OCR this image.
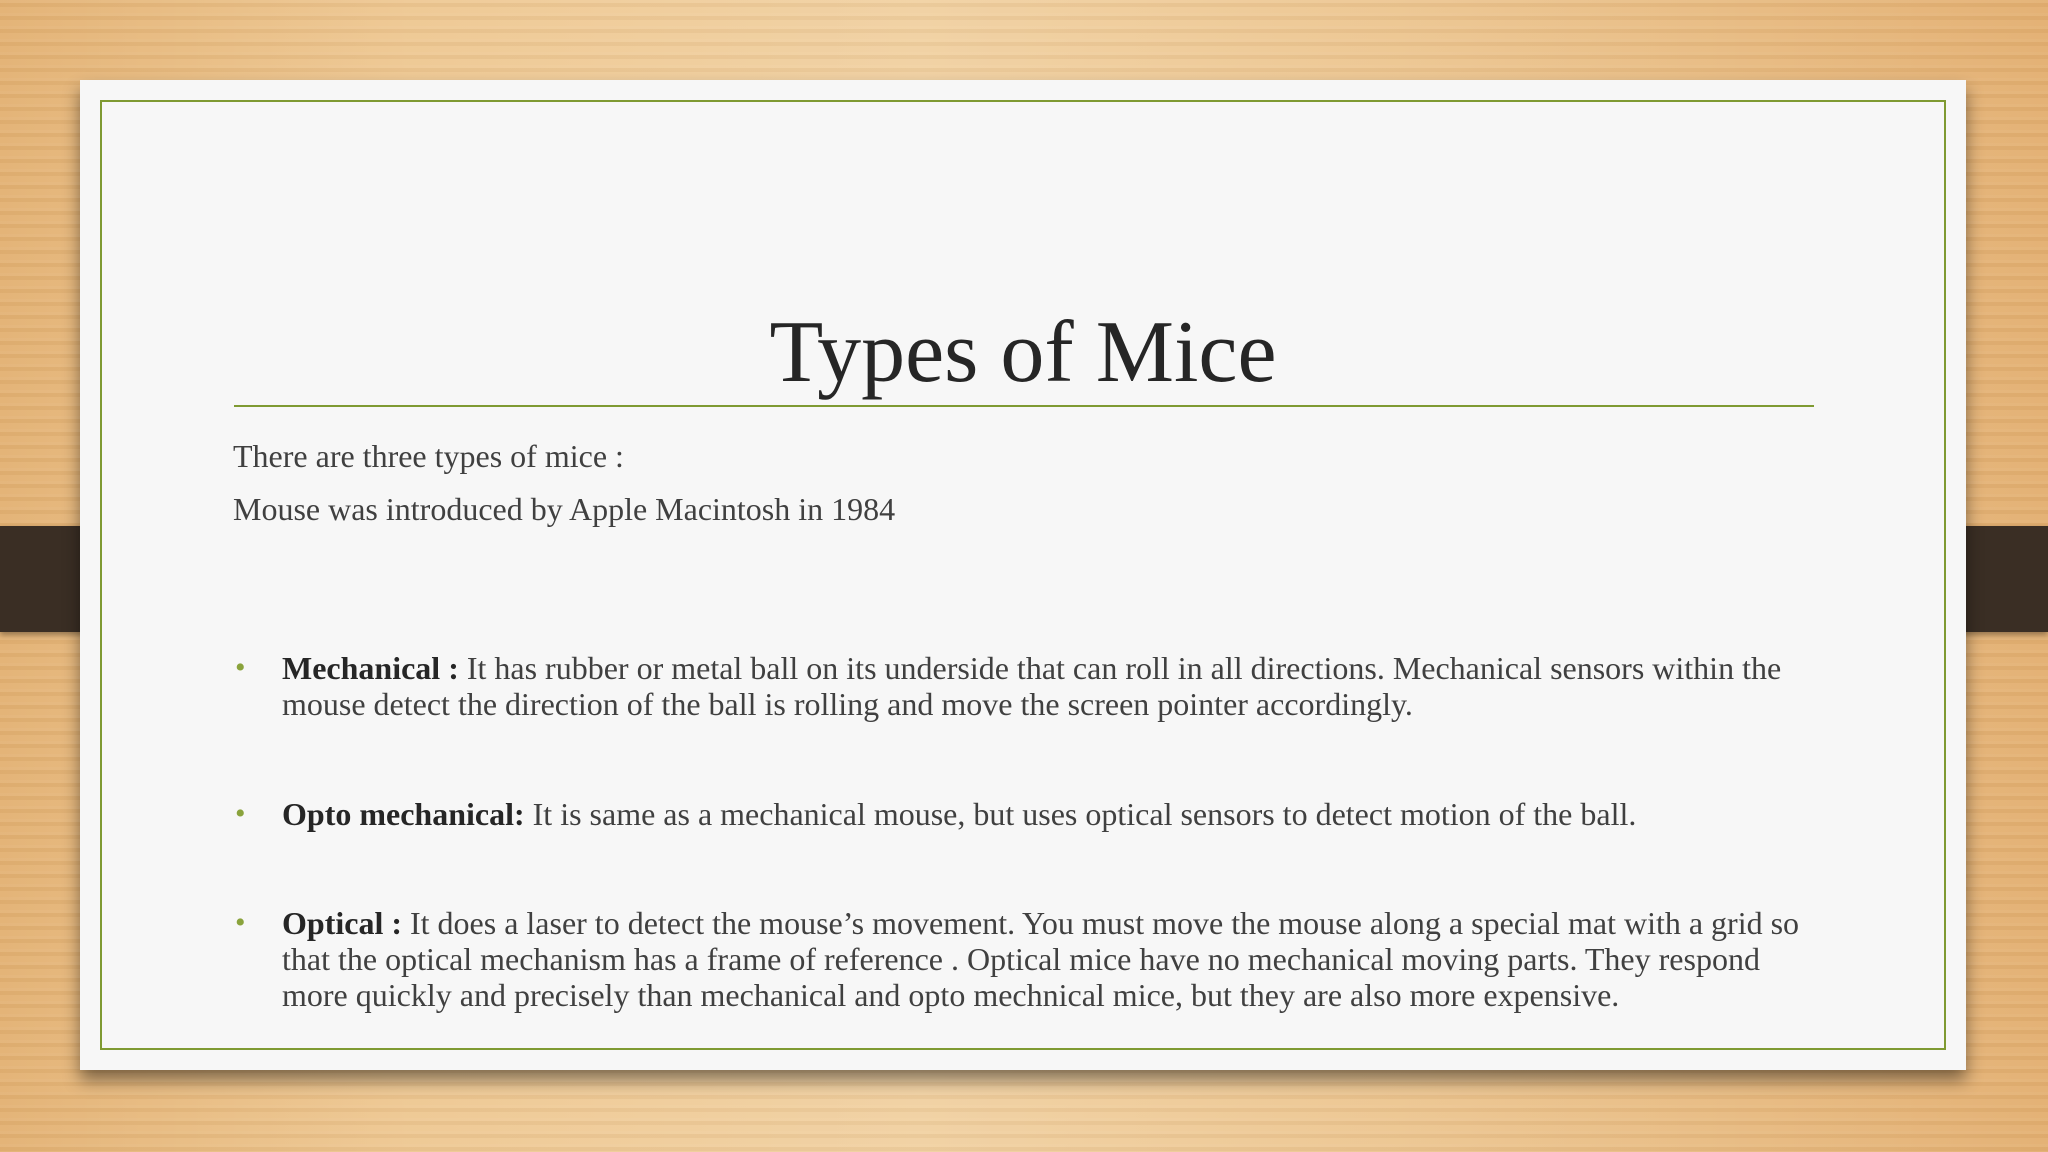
Types of Mice

There are three types of mice :

Mouse was introduced by Apple Macintosh in 1984

• Mechanical : It has rubber or metal ball on its underside that can roll in all directions. Mechanical sensors within the mouse detect the direction of the ball is rolling and move the screen pointer accordingly.
• Opto mechanical: It is same as a mechanical mouse, but uses optical sensors to detect motion of the ball.
• Optical : It does a laser to detect the mouse’s movement. You must move the mouse along a special mat with a grid so that the optical mechanism has a frame of reference . Optical mice have no mechanical moving parts. They respond more quickly and precisely than mechanical and opto mechnical mice, but they are also more expensive.
